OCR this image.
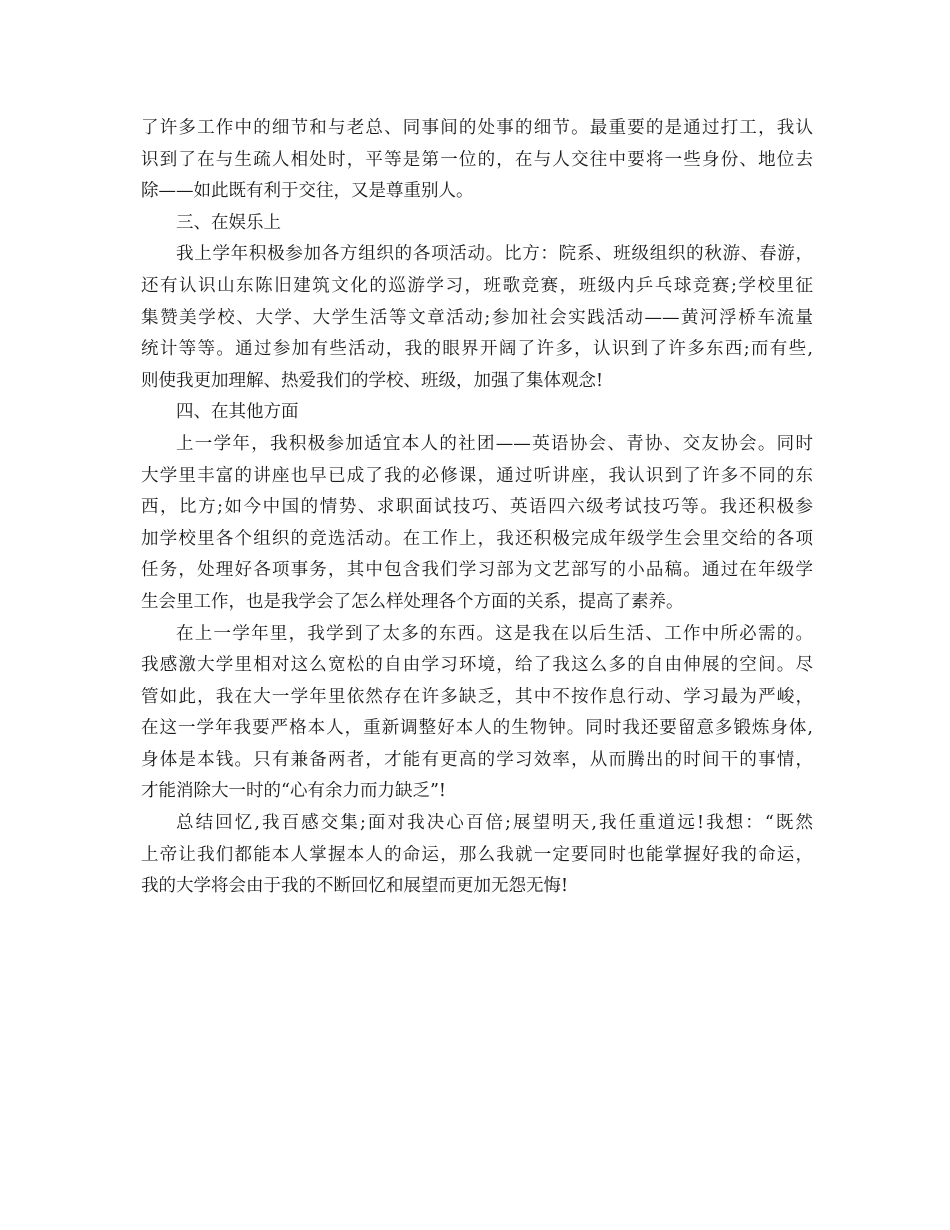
了许多工作中的细节和与老总、同事间的处事的细节。最重要的是通过打工，我认
识到了在与生疏人相处时，平等是第一位的，在与人交往中要将一些身份、地位去
除——如此既有利于交往，又是尊重别人。
三、在娱乐上
我上学年积极参加各方组织的各项活动。比方：院系、班级组织的秋游、春游，
还有认识山东陈旧建筑文化的巡游学习，班歌竞赛，班级内乒乓球竞赛;学校里征
集赞美学校、大学、大学生活等文章活动;参加社会实践活动——黄河浮桥车流量
统计等等。通过参加有些活动，我的眼界开阔了许多，认识到了许多东西;而有些,
则使我更加理解、热爱我们的学校、班级，加强了集体观念!
四、在其他方面
上一学年，我积极参加适宜本人的社团——英语协会、青协、交友协会。同时
大学里丰富的讲座也早已成了我的必修课，通过听讲座，我认识到了许多不同的东
西，比方;如今中国的情势、求职面试技巧、英语四六级考试技巧等。我还积极参
加学校里各个组织的竞选活动。在工作上，我还积极完成年级学生会里交给的各项
任务，处理好各项事务，其中包含我们学习部为文艺部写的小品稿。通过在年级学
生会里工作，也是我学会了怎么样处理各个方面的关系，提高了素养。
在上一学年里，我学到了太多的东西。这是我在以后生活、工作中所必需的。
我感激大学里相对这么宽松的自由学习环境，给了我这么多的自由伸展的空间。尽
管如此，我在大一学年里依然存在许多缺乏，其中不按作息行动、学习最为严峻，
在这一学年我要严格本人，重新调整好本人的生物钟。同时我还要留意多锻炼身体,
身体是本钱。只有兼备两者，才能有更高的学习效率，从而腾出的时间干的事情，
才能消除大一时的“心有余力而力缺乏”!
总结回忆,我百感交集;面对我决心百倍;展望明天,我任重道远!我想：“既然
上帝让我们都能本人掌握本人的命运，那么我就一定要同时也能掌握好我的命运，
我的大学将会由于我的不断回忆和展望而更加无怨无悔!
